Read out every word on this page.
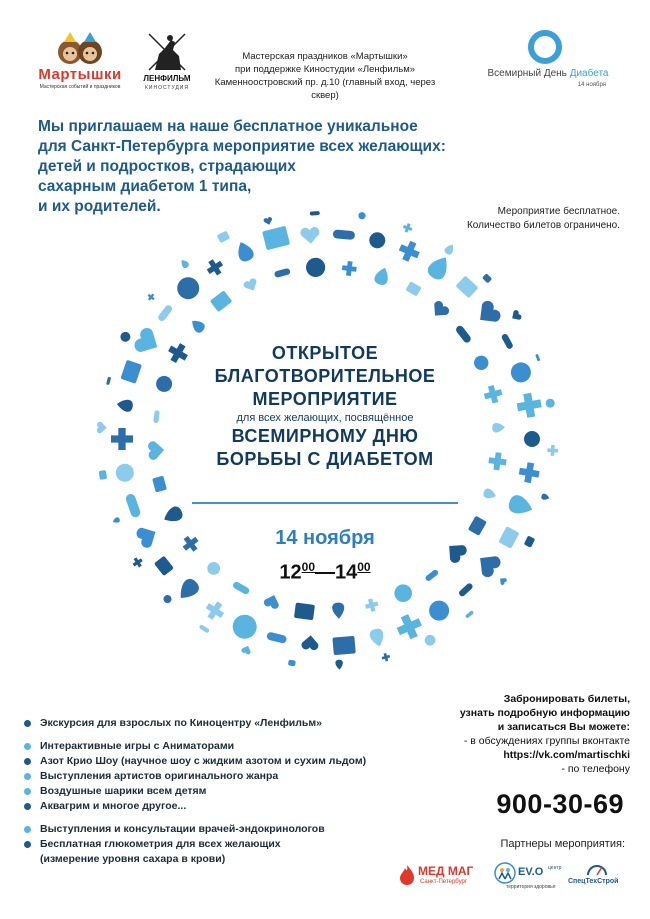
Мартышки
Мастерская событий и праздников
ЛЕНФИЛЬМ
КИНОСТУДИЯ
Мастерская праздников «Мартышки»
при поддержке Киностудии «Ленфильм»
Каменноостровский пр. д.10 (главный вход, через сквер)
Всемирный День Диабета
14 ноября
Мы приглашаем на наше бесплатное уникальное
для Санкт-Петербурга мероприятие всех желающих:
детей и подростков, страдающих
сахарным диабетом 1 типа,
и их родителей.	Мероприятие бесплатное.
Количество билетов ограничено.
ОТКРЫТОЕ
БЛАГОТВОРИТЕЛЬНОЕ
МЕРОПРИЯТИЕ
для всех желающих, посвящённое
ВСЕМИРНОМУ ДНЮ
БОРЬБЫ С ДИАБЕТОМ
14 ноября
$12^{00}—14^{00}$
Экскурсия для взрослых по Киноцентру «Ленфильм»
Интерактивные игры с Аниматорами
Азот Крио Шоу (научное шоу с жидким азотом и сухим льдом)
Выступления артистов оригинального жанра
Воздушные шарики всем детям
Аквагрим и многое другое...
Выступления и консультации врачей-эндокринологов
Бесплатная глюкометрия для всех желающих
(измерение уровня сахара в крови)
Забронировать билеты,
узнать подробную информацию
и записаться Вы можете:
- в обсуждениях группы вконтакте
https://vk.com/martischki
- по телефону
900-30-69
Партнеры мероприятия:
МЕД МАГ
Санкт-Петербург
EV.O центр
территория здоровья
СпецТехСтрой
